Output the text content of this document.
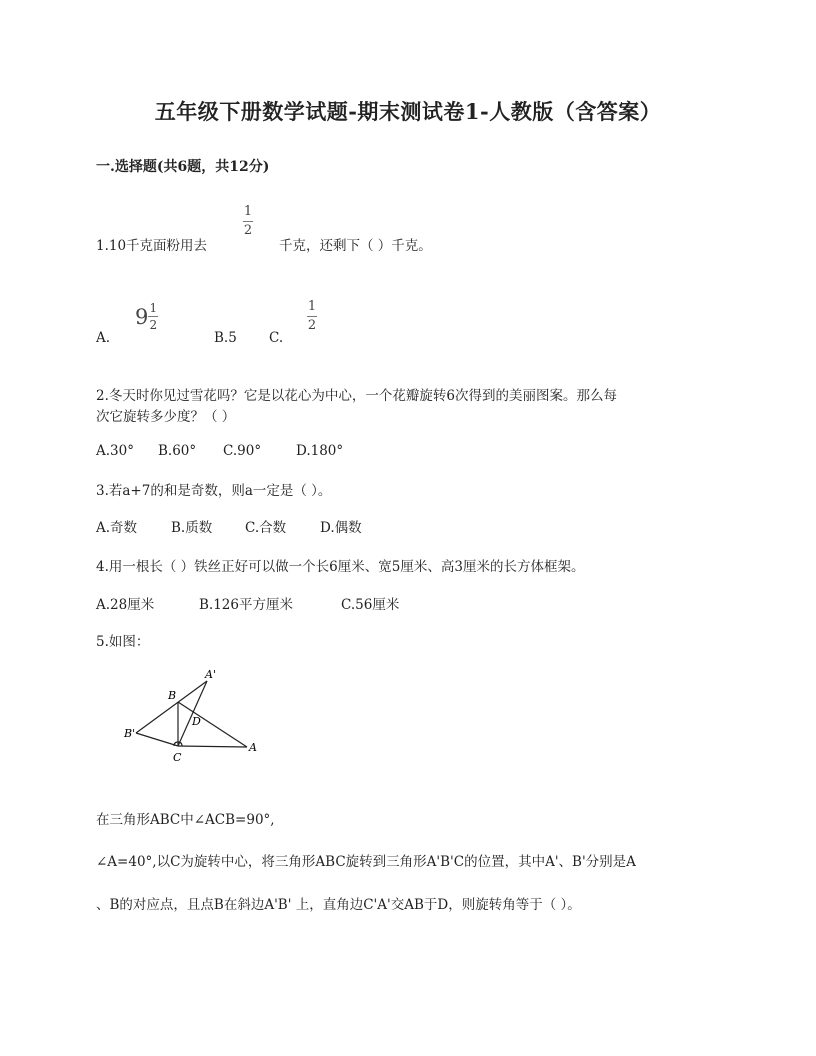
五年级下册数学试题-期末测试卷1-人教版（含答案）
一.选择题(共6题，共12分)
1.10千克面粉用去
1
2
千克，还剩下（ ）千克。
A.
$9 \frac{1}{2}$
B.5 C.
1
2
2.冬天时你见过雪花吗？它是以花心为中心，一个花瓣旋转6次得到的美丽图案。那么每
次它旋转多少度？（ ）
A.30° B.60° C.90°	D.180°
3.若a+7的和是奇数，则a一定是（ ）。
A.奇数	B.质数 C.合数	D.偶数
4.用一根长（ ）铁丝正好可以做一个长6厘米、宽5厘米、高3厘米的长方体框架。
A.28厘米	B.126平方厘米	C.56厘米
5.如图：
A'
B
D
B'
A
C
在三角形ABC中∠ACB=90°,
∠A=40°,以C为旋转中心，将三角形ABC旋转到三角形A'B'C的位置，其中A'、B'分别是A
、B的对应点，且点B在斜边A'B' 上，直角边C'A'交AB于D，则旋转角等于（ ）。
